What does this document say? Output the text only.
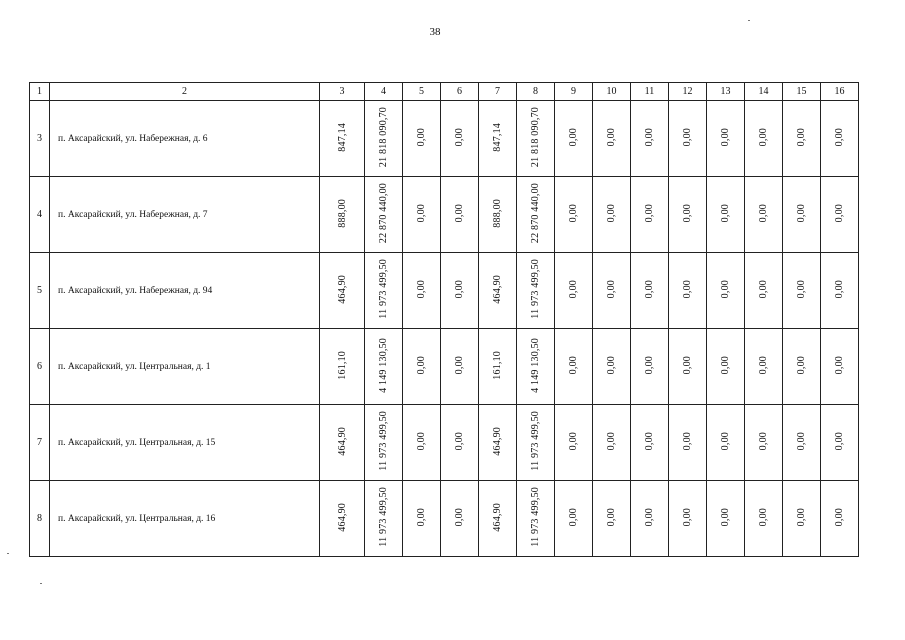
38
1	2	3	4	5	6	7	8	9	10	11	12	13	14	15	16
3	п. Аксарайский, ул. Набережная, д. 6	847,14	21 818 090,70	0,00	0,00	847,14	21 818 090,70	0,00	0,00	0,00	0,00	0,00	0,00	0,00	0,00
4	п. Аксарайский, ул. Набережная, д. 7	888,00	22 870 440,00	0,00	0,00	888,00	22 870 440,00	0,00	0,00	0,00	0,00	0,00	0,00	0,00	0,00
5	п. Аксарайский, ул. Набережная, д. 94	464,90	11 973 499,50	0,00	0,00	464,90	11 973 499,50	0,00	0,00	0,00	0,00	0,00	0,00	0,00	0,00
6	п. Аксарайский, ул. Центральная, д. 1	161,10	4 149 130,50	0,00	0,00	161,10	4 149 130,50	0,00	0,00	0,00	0,00	0,00	0,00	0,00	0,00
7	п. Аксарайский, ул. Центральная, д. 15	464,90	11 973 499,50	0,00	0,00	464,90	11 973 499,50	0,00	0,00	0,00	0,00	0,00	0,00	0,00	0,00
8	п. Аксарайский, ул. Центральная, д. 16	464,90	11 973 499,50	0,00	0,00	464,90	11 973 499,50	0,00	0,00	0,00	0,00	0,00	0,00	0,00	0,00
